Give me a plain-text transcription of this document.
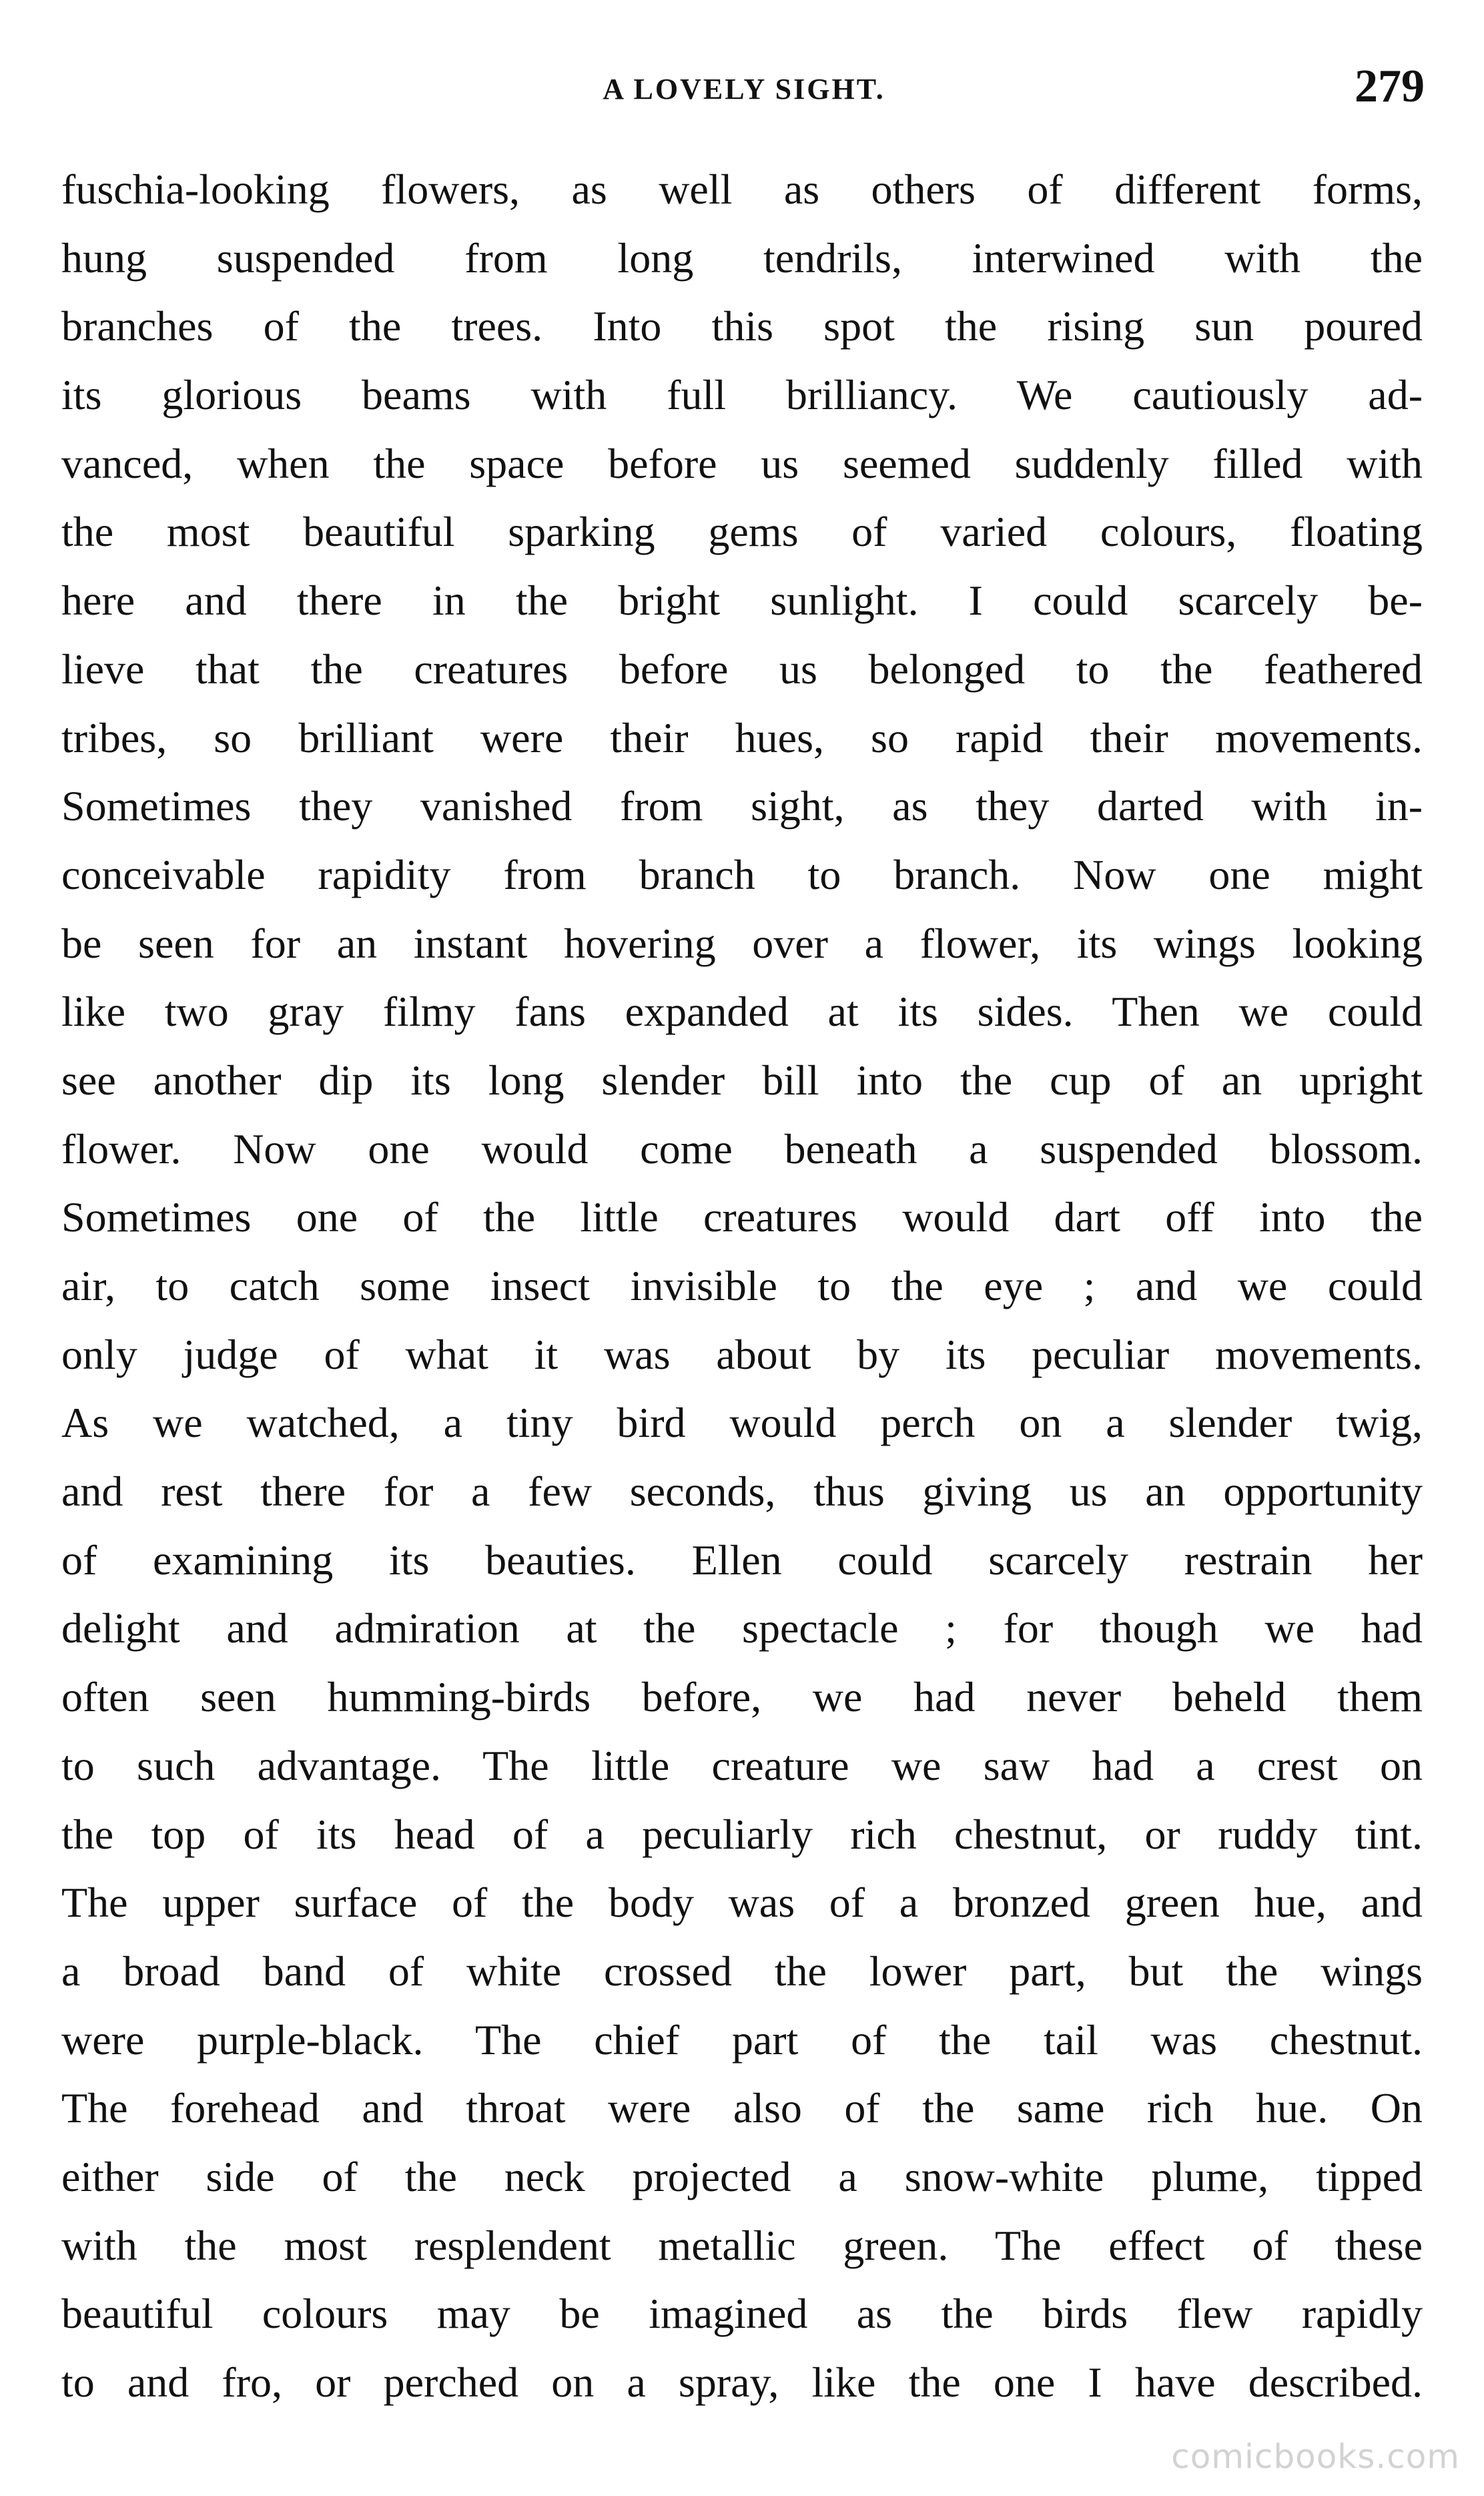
A LOVELY SIGHT.	279
fuschia-looking flowers, as well as others of different forms,
hung suspended from long tendrils, interwined with the
branches of the trees. Into this spot the rising sun poured
its glorious beams with full brilliancy. We cautiously ad-
vanced, when the space before us seemed suddenly filled with
the most beautiful sparking gems of varied colours, floating
here and there in the bright sunlight. I could scarcely be-
lieve that the creatures before us belonged to the feathered
tribes, so brilliant were their hues, so rapid their movements.
Sometimes they vanished from sight, as they darted with in-
conceivable rapidity from branch to branch. Now one might
be seen for an instant hovering over a flower, its wings looking
like two gray filmy fans expanded at its sides. Then we could
see another dip its long slender bill into the cup of an upright
flower. Now one would come beneath a suspended blossom.
Sometimes one of the little creatures would dart off into the
air, to catch some insect invisible to the eye ; and we could
only judge of what it was about by its peculiar movements.
As we watched, a tiny bird would perch on a slender twig,
and rest there for a few seconds, thus giving us an opportunity
of examining its beauties. Ellen could scarcely restrain her
delight and admiration at the spectacle ; for though we had
often seen humming-birds before, we had never beheld them
to such advantage. The little creature we saw had a crest on
the top of its head of a peculiarly rich chestnut, or ruddy tint.
The upper surface of the body was of a bronzed green hue, and
a broad band of white crossed the lower part, but the wings
were purple-black. The chief part of the tail was chestnut.
The forehead and throat were also of the same rich hue. On
either side of the neck projected a snow-white plume, tipped
with the most resplendent metallic green. The effect of these
beautiful colours may be imagined as the birds flew rapidly
to and fro, or perched on a spray, like the one I have described.
comicbooks.com
